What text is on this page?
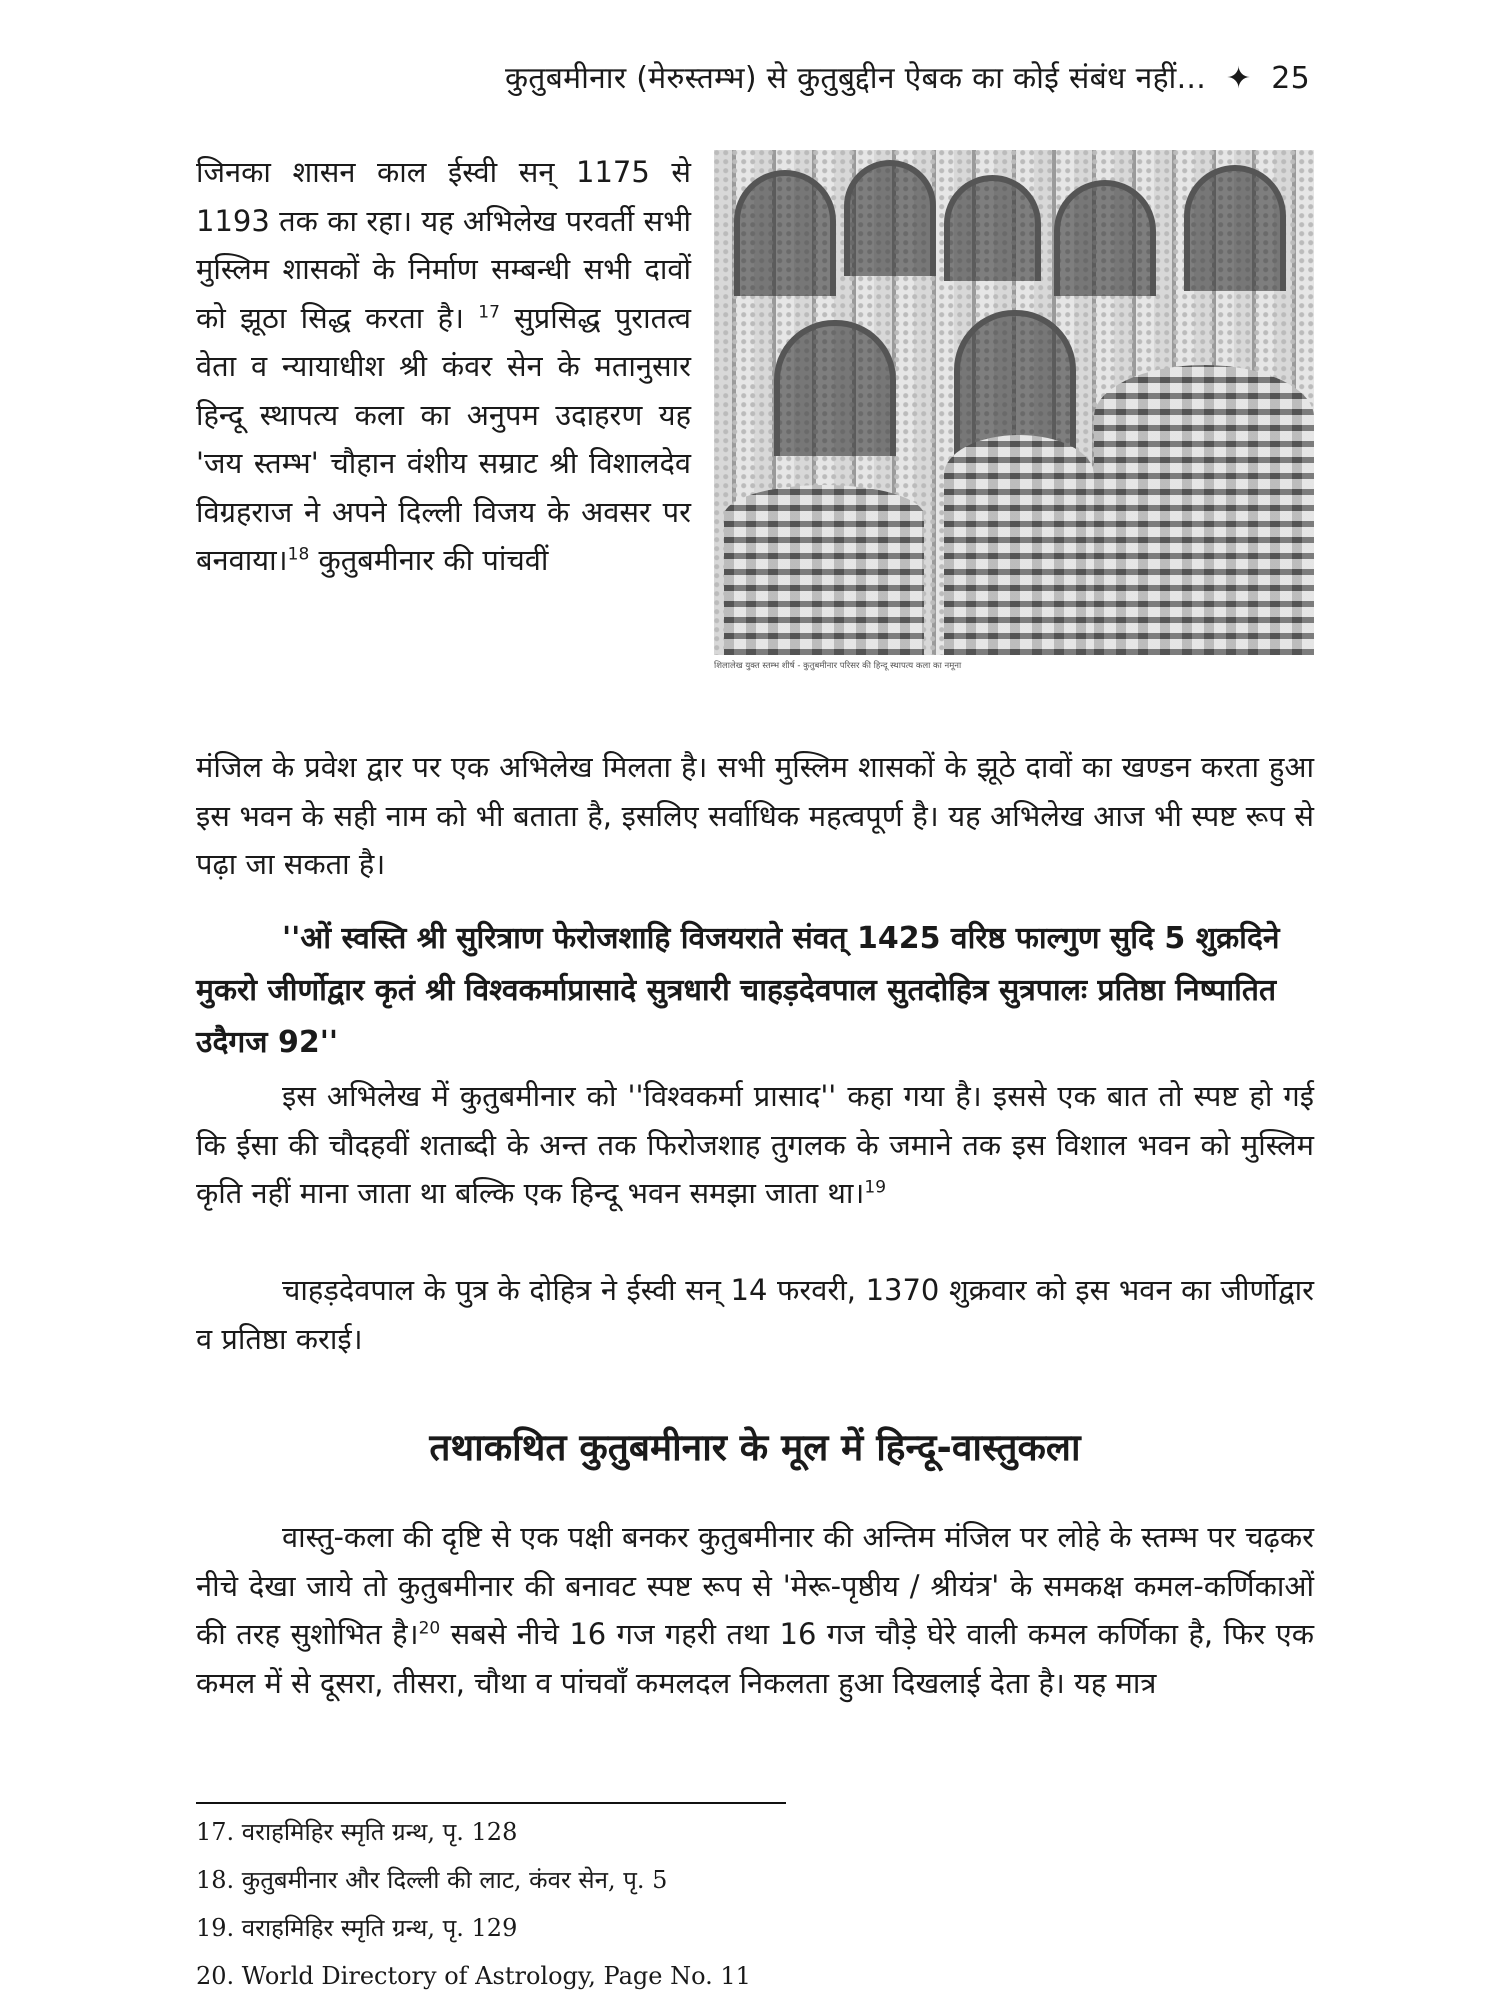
कुतुबमीनार (मेरुस्तम्भ) से कुतुबुद्दीन ऐबक का कोई संबंध नहीं... ✦ 25
जिनका शासन काल ईस्वी सन् 1175 से 1193 तक का रहा। यह अभिलेख परवर्ती सभी मुस्लिम शासकों के निर्माण सम्बन्धी सभी दावों को झूठा सिद्ध करता है। $^{17}$ सुप्रसिद्ध पुरातत्व वेता व न्यायाधीश श्री कंवर सेन के मतानुसार हिन्दू स्थापत्य कला का अनुपम उदाहरण यह 'जय स्तम्भ' चौहान वंशीय सम्राट श्री विशालदेव विग्रहराज ने अपने दिल्ली विजय के अवसर पर बनवाया।$^{18}$ कुतुबमीनार की पांचवीं
शिलालेख युक्त स्तम्भ शीर्ष - कुतुबमीनार परिसर की हिन्दू स्थापत्य कला का नमूना
मंजिल के प्रवेश द्वार पर एक अभिलेख मिलता है। सभी मुस्लिम शासकों के झूठे दावों का खण्डन करता हुआ इस भवन के सही नाम को भी बताता है, इसलिए सर्वाधिक महत्वपूर्ण है। यह अभिलेख आज भी स्पष्ट रूप से पढ़ा जा सकता है।
''ओं स्वस्ति श्री सुरित्राण फेरोजशाहि विजयराते संवत् 1425 वरिष्ठ फाल्गुण सुदि 5 शुक्रदिने मुकरो जीर्णोद्वार कृतं श्री विश्वकर्माप्रासादे सुत्रधारी चाहड़देवपाल सुतदोहित्र सुत्रपालः प्रतिष्ठा निष्पातित उदैगज 92''
इस अभिलेख में कुतुबमीनार को ''विश्वकर्मा प्रासाद'' कहा गया है। इससे एक बात तो स्पष्ट हो गई कि ईसा की चौदहवीं शताब्दी के अन्त तक फिरोजशाह तुगलक के जमाने तक इस विशाल भवन को मुस्लिम कृति नहीं माना जाता था बल्कि एक हिन्दू भवन समझा जाता था।$^{19}$
चाहड़देवपाल के पुत्र के दोहित्र ने ईस्वी सन् 14 फरवरी, 1370 शुक्रवार को इस भवन का जीर्णोद्वार व प्रतिष्ठा कराई।
तथाकथित कुतुबमीनार के मूल में हिन्दू-वास्तुकला
वास्तु-कला की दृष्टि से एक पक्षी बनकर कुतुबमीनार की अन्तिम मंजिल पर लोहे के स्तम्भ पर चढ़कर नीचे देखा जाये तो कुतुबमीनार की बनावट स्पष्ट रूप से 'मेरू-पृष्ठीय / श्रीयंत्र' के समकक्ष कमल-कर्णिकाओं की तरह सुशोभित है।$^{20}$ सबसे नीचे 16 गज गहरी तथा 16 गज चौड़े घेरे वाली कमल कर्णिका है, फिर एक कमल में से दूसरा, तीसरा, चौथा व पांचवाँ कमलदल निकलता हुआ दिखलाई देता है। यह मात्र
17. वराहमिहिर स्मृति ग्रन्थ, पृ. 128
18. कुतुबमीनार और दिल्ली की लाट, कंवर सेन, पृ. 5
19. वराहमिहिर स्मृति ग्रन्थ, पृ. 129
20. World Directory of Astrology, Page No. 11
